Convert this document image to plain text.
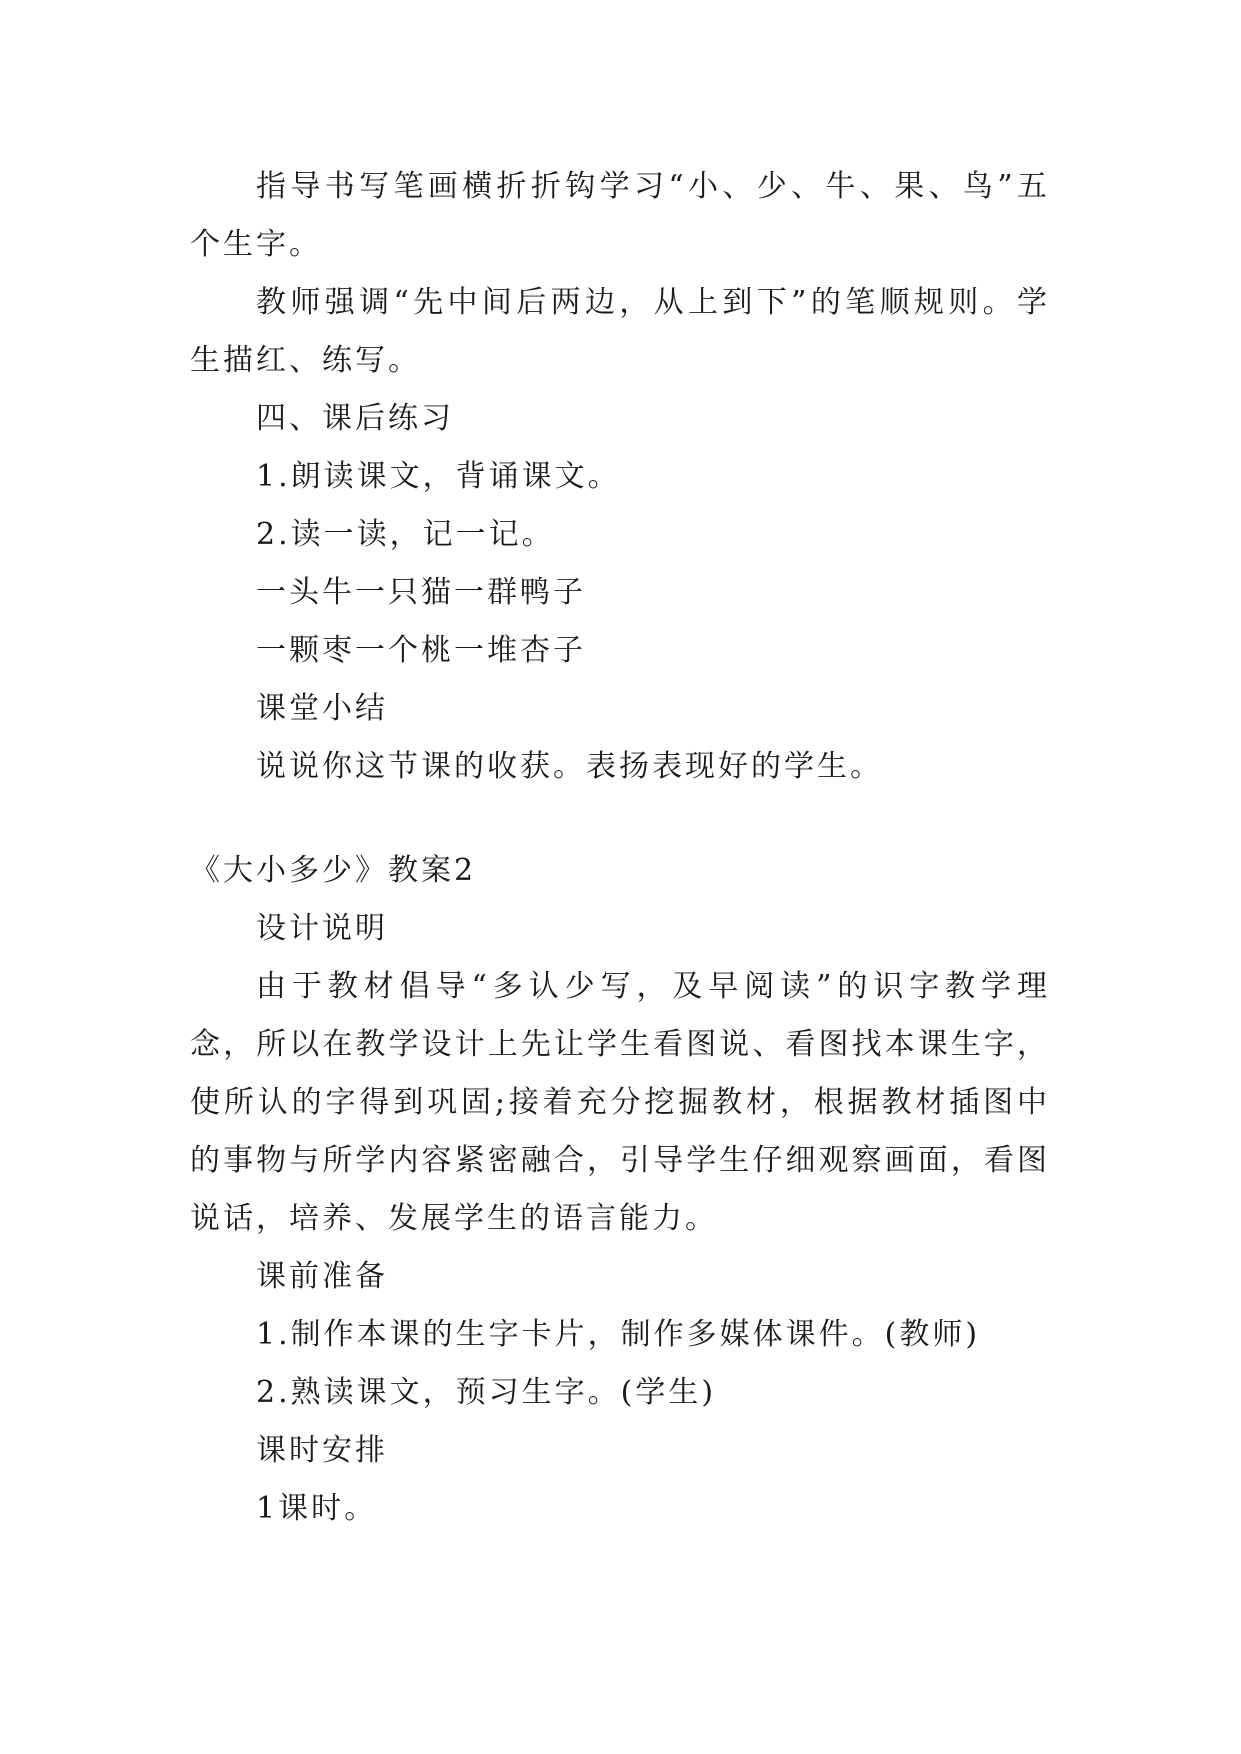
指导书写笔画横折折钩学习“小、少、牛、果、鸟”五个生字。

教师强调“先中间后两边，从上到下”的笔顺规则。学生描红、练写。

四、课后练习

1.朗读课文，背诵课文。

2.读一读，记一记。

一头牛一只猫一群鸭子

一颗枣一个桃一堆杏子

课堂小结

说说你这节课的收获。表扬表现好的学生。

《大小多少》教案2

设计说明

由于教材倡导“多认少写，及早阅读”的识字教学理念，所以在教学设计上先让学生看图说、看图找本课生字，使所认的字得到巩固;接着充分挖掘教材，根据教材插图中的事物与所学内容紧密融合，引导学生仔细观察画面，看图说话，培养、发展学生的语言能力。

课前准备

1.制作本课的生字卡片，制作多媒体课件。(教师)

2.熟读课文，预习生字。(学生)

课时安排

1课时。
